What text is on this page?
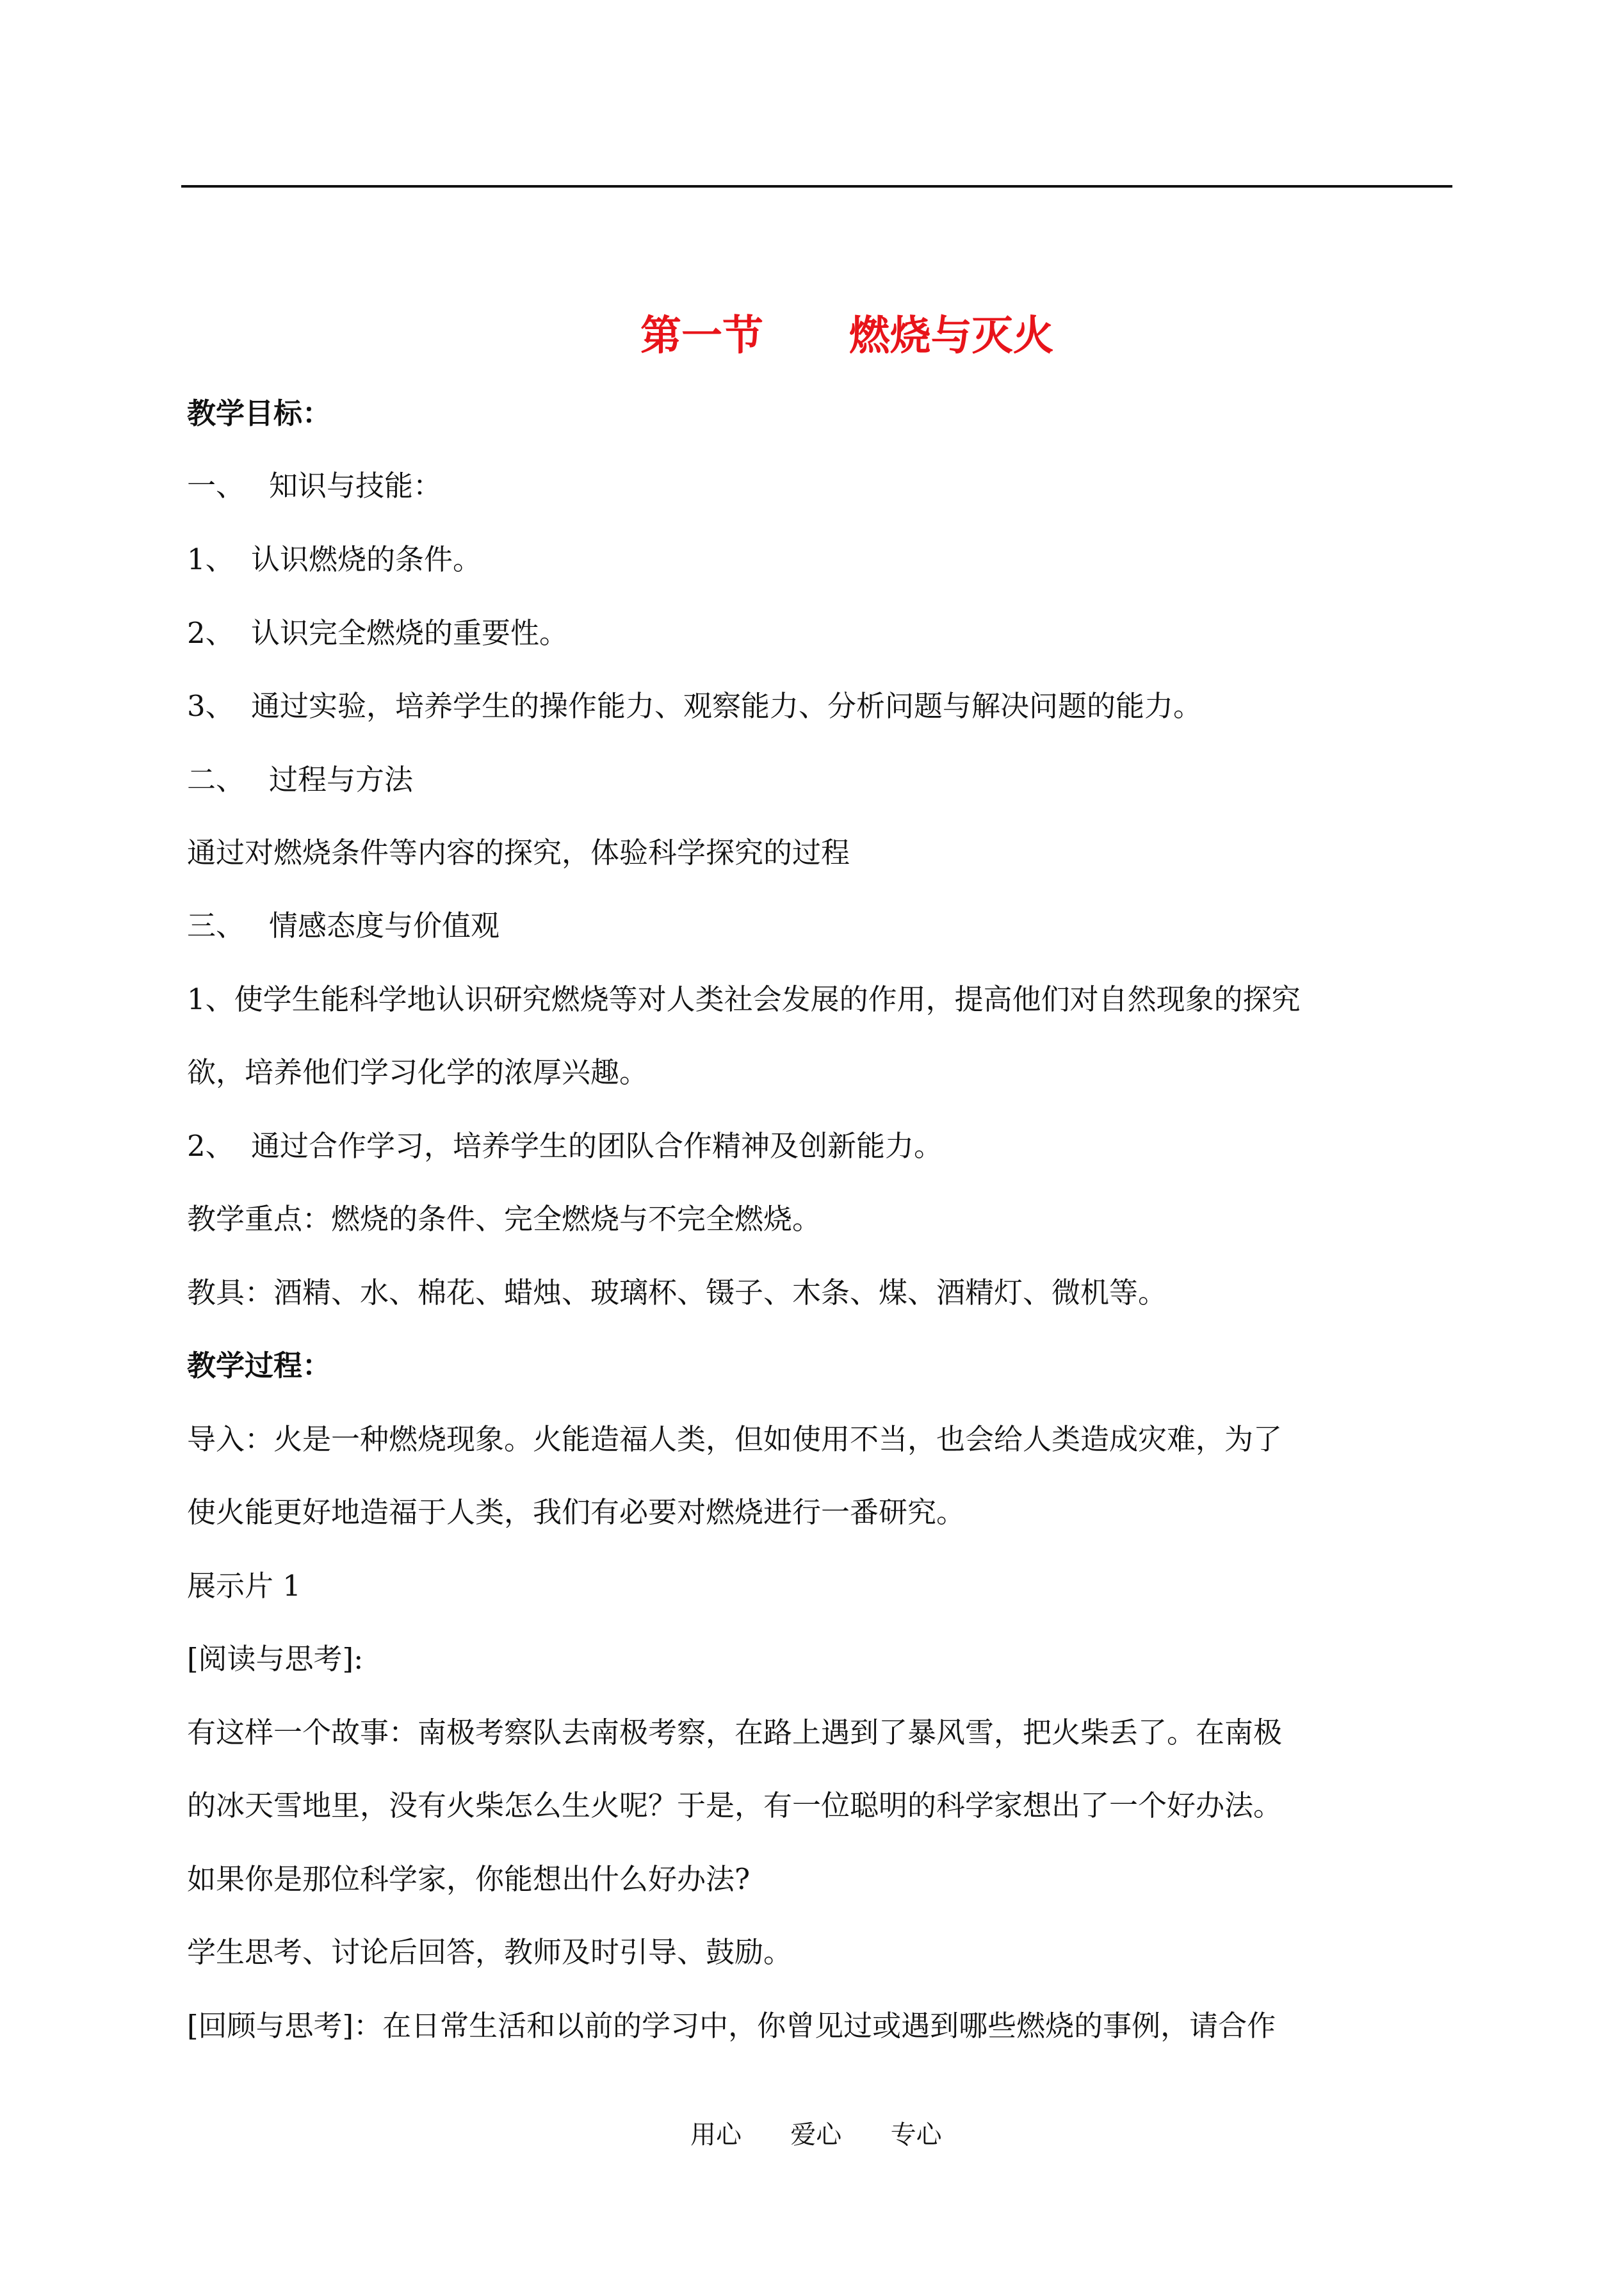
第一节      燃烧与灭火
教学目标：
一、 知识与技能：
1、 认识燃烧的条件。
2、 认识完全燃烧的重要性。
3、 通过实验，培养学生的操作能力、观察能力、分析问题与解决问题的能力。
二、 过程与方法
通过对燃烧条件等内容的探究，体验科学探究的过程
三、 情感态度与价值观
1、使学生能科学地认识研究燃烧等对人类社会发展的作用，提高他们对自然现象的探究
欲，培养他们学习化学的浓厚兴趣。
2、 通过合作学习，培养学生的团队合作精神及创新能力。
教学重点：燃烧的条件、完全燃烧与不完全燃烧。
教具：酒精、水、棉花、蜡烛、玻璃杯、镊子、木条、煤、酒精灯、微机等。
教学过程：
导入：火是一种燃烧现象。火能造福人类，但如使用不当，也会给人类造成灾难，为了
使火能更好地造福于人类，我们有必要对燃烧进行一番研究。
展示片 1
[阅读与思考]:
有这样一个故事：南极考察队去南极考察，在路上遇到了暴风雪，把火柴丢了。在南极
的冰天雪地里，没有火柴怎么生火呢？于是，有一位聪明的科学家想出了一个好办法。
如果你是那位科学家，你能想出什么好办法?
学生思考、讨论后回答，教师及时引导、鼓励。
[回顾与思考]：在日常生活和以前的学习中，你曾见过或遇到哪些燃烧的事例，请合作
用心      爱心      专心
